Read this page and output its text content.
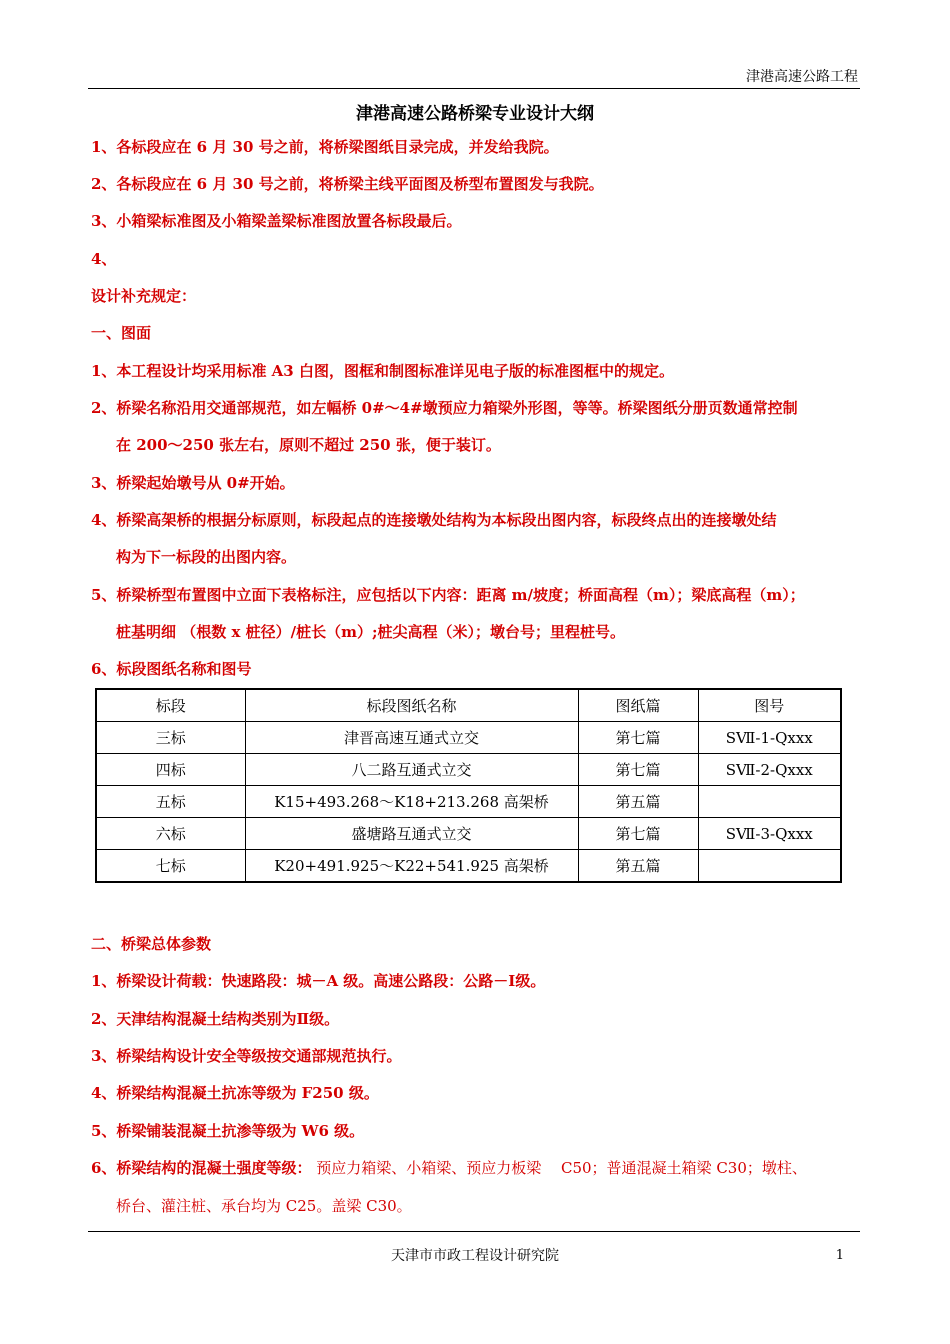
津港高速公路工程
津港高速公路桥梁专业设计大纲
1、各标段应在 6 月 30 号之前，将桥梁图纸目录完成，并发给我院。
2、各标段应在 6 月 30 号之前，将桥梁主线平面图及桥型布置图发与我院。
3、小箱梁标准图及小箱梁盖梁标准图放置各标段最后。
4、
设计补充规定：
一、图面
1、本工程设计均采用标准 A3 白图，图框和制图标准详见电子版的标准图框中的规定。
2、桥梁名称沿用交通部规范，如左幅桥 0#～4#墩预应力箱梁外形图，等等。桥梁图纸分册页数通常控制
在 200～250 张左右，原则不超过 250 张，便于装订。
3、桥梁起始墩号从 0#开始。
4、桥梁高架桥的根据分标原则，标段起点的连接墩处结构为本标段出图内容，标段终点出的连接墩处结
构为下一标段的出图内容。
5、桥梁桥型布置图中立面下表格标注，应包括以下内容：距离 m/坡度；桥面高程（m）；梁底高程（m）；
桩基明细 （根数 x 桩径）/桩长（m）;桩尖高程（米）；墩台号；里程桩号。
6、标段图纸名称和图号
标段	标段图纸名称	图纸篇	图号
三标	津晋高速互通式立交	第七篇	SⅦ-1-Qxxx
四标	八二路互通式立交	第七篇	SⅦ-2-Qxxx
五标	K15+493.268～K18+213.268 高架桥	第五篇	
六标	盛塘路互通式立交	第七篇	SⅦ-3-Qxxx
七标	K20+491.925～K22+541.925 高架桥	第五篇	
二、桥梁总体参数
1、桥梁设计荷载：快速路段：城－A 级。高速公路段：公路－Ⅰ级。
2、天津结构混凝土结构类别为Ⅱ级。
3、桥梁结构设计安全等级按交通部规范执行。
4、桥梁结构混凝土抗冻等级为 F250 级。
5、桥梁铺装混凝土抗渗等级为 W6 级。
6、桥梁结构的混凝土强度等级： 预应力箱梁、小箱梁、预应力板梁　 C50；普通混凝土箱梁 C30；墩柱、
桥台、灌注桩、承台均为 C25。盖梁 C30。
天津市市政工程设计研究院	1
